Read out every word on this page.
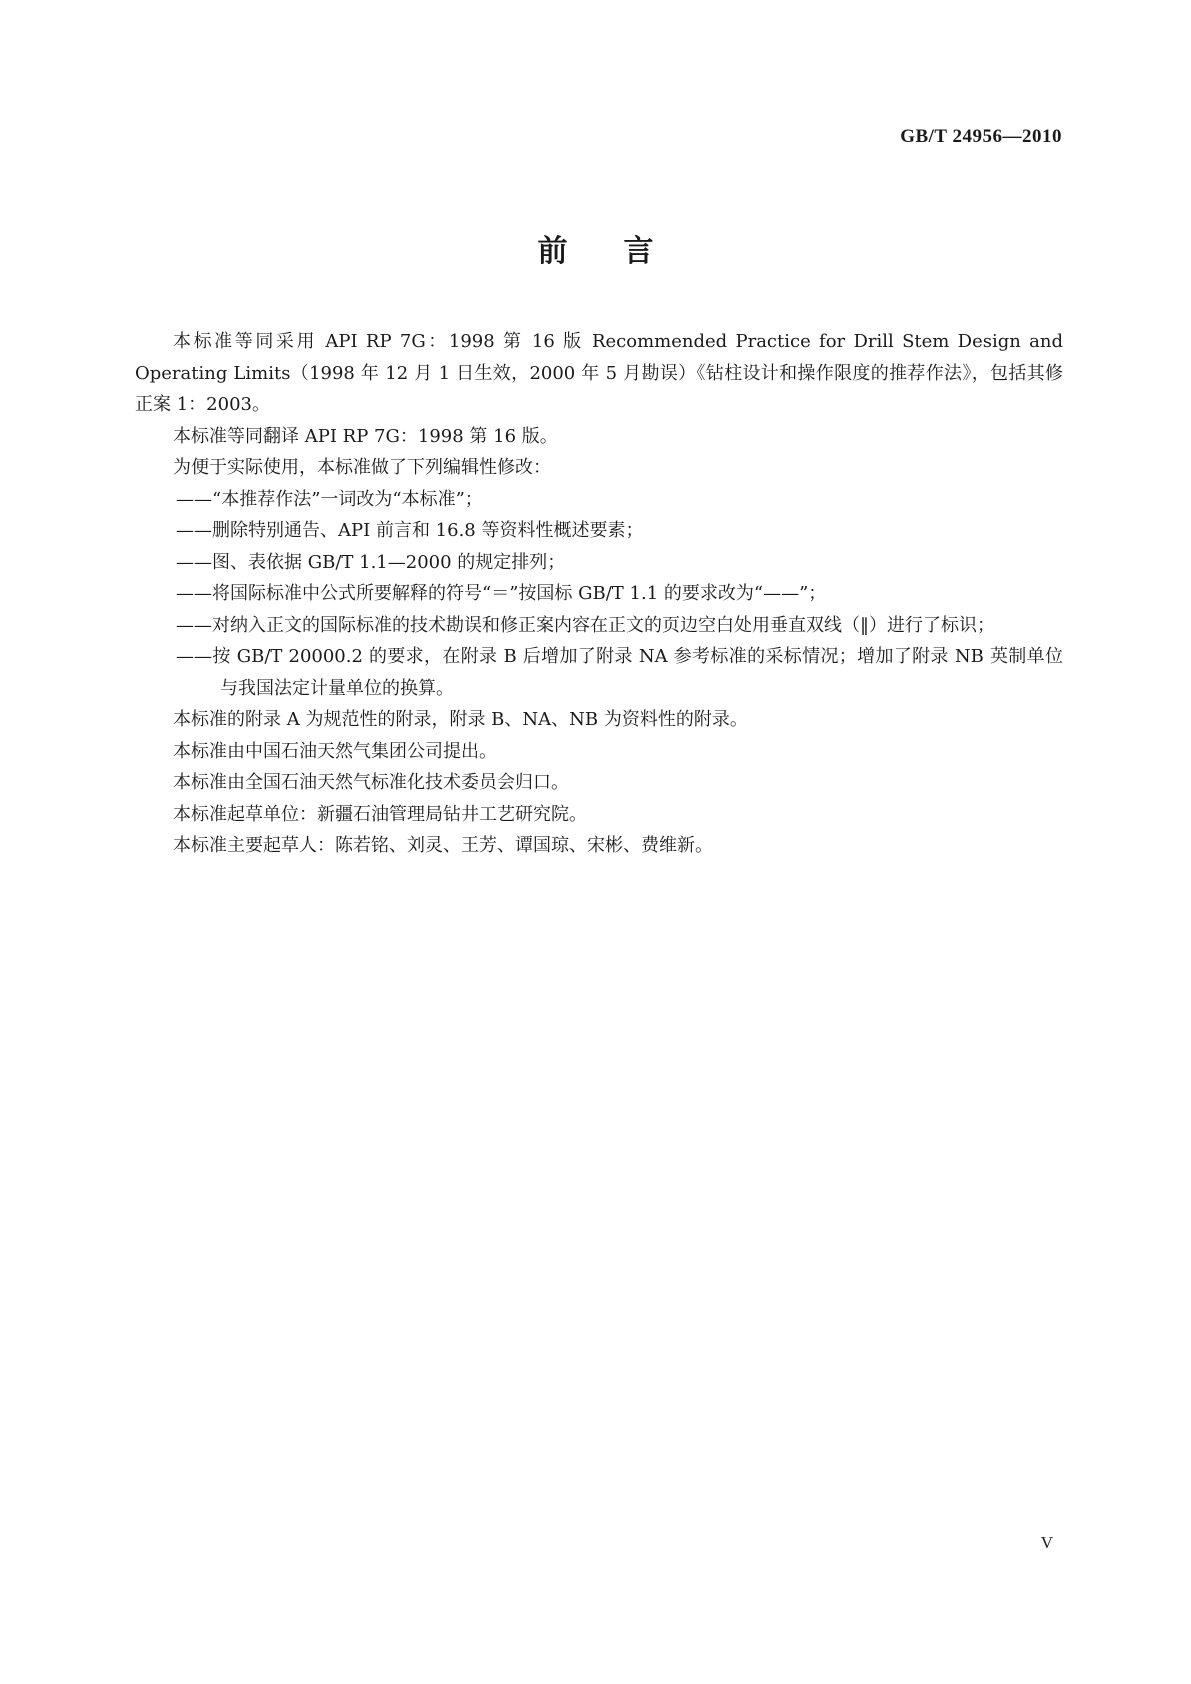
GB/T 24956—2010
前言

本标准等同采用 API RP 7G：1998 第 16 版 Recommended Practice for Drill Stem Design and Operating Limits（1998 年 12 月 1 日生效，2000 年 5 月勘误）《钻柱设计和操作限度的推荐作法》，包括其修正案 1：2003。

本标准等同翻译 API RP 7G：1998 第 16 版。

为便于实际使用，本标准做了下列编辑性修改：

——“本推荐作法”一词改为“本标准”；

——删除特别通告、API 前言和 16.8 等资料性概述要素；

——图、表依据 GB/T 1.1—2000 的规定排列；

——将国际标准中公式所要解释的符号“＝”按国标 GB/T 1.1 的要求改为“——”；

——对纳入正文的国际标准的技术勘误和修正案内容在正文的页边空白处用垂直双线（‖）进行了标识；

——按 GB/T 20000.2 的要求，在附录 B 后增加了附录 NA 参考标准的采标情况；增加了附录 NB 英制单位与我国法定计量单位的换算。

本标准的附录 A 为规范性的附录，附录 B、NA、NB 为资料性的附录。

本标准由中国石油天然气集团公司提出。

本标准由全国石油天然气标准化技术委员会归口。

本标准起草单位：新疆石油管理局钻井工艺研究院。

本标准主要起草人：陈若铭、刘灵、王芳、谭国琼、宋彬、费维新。

V
